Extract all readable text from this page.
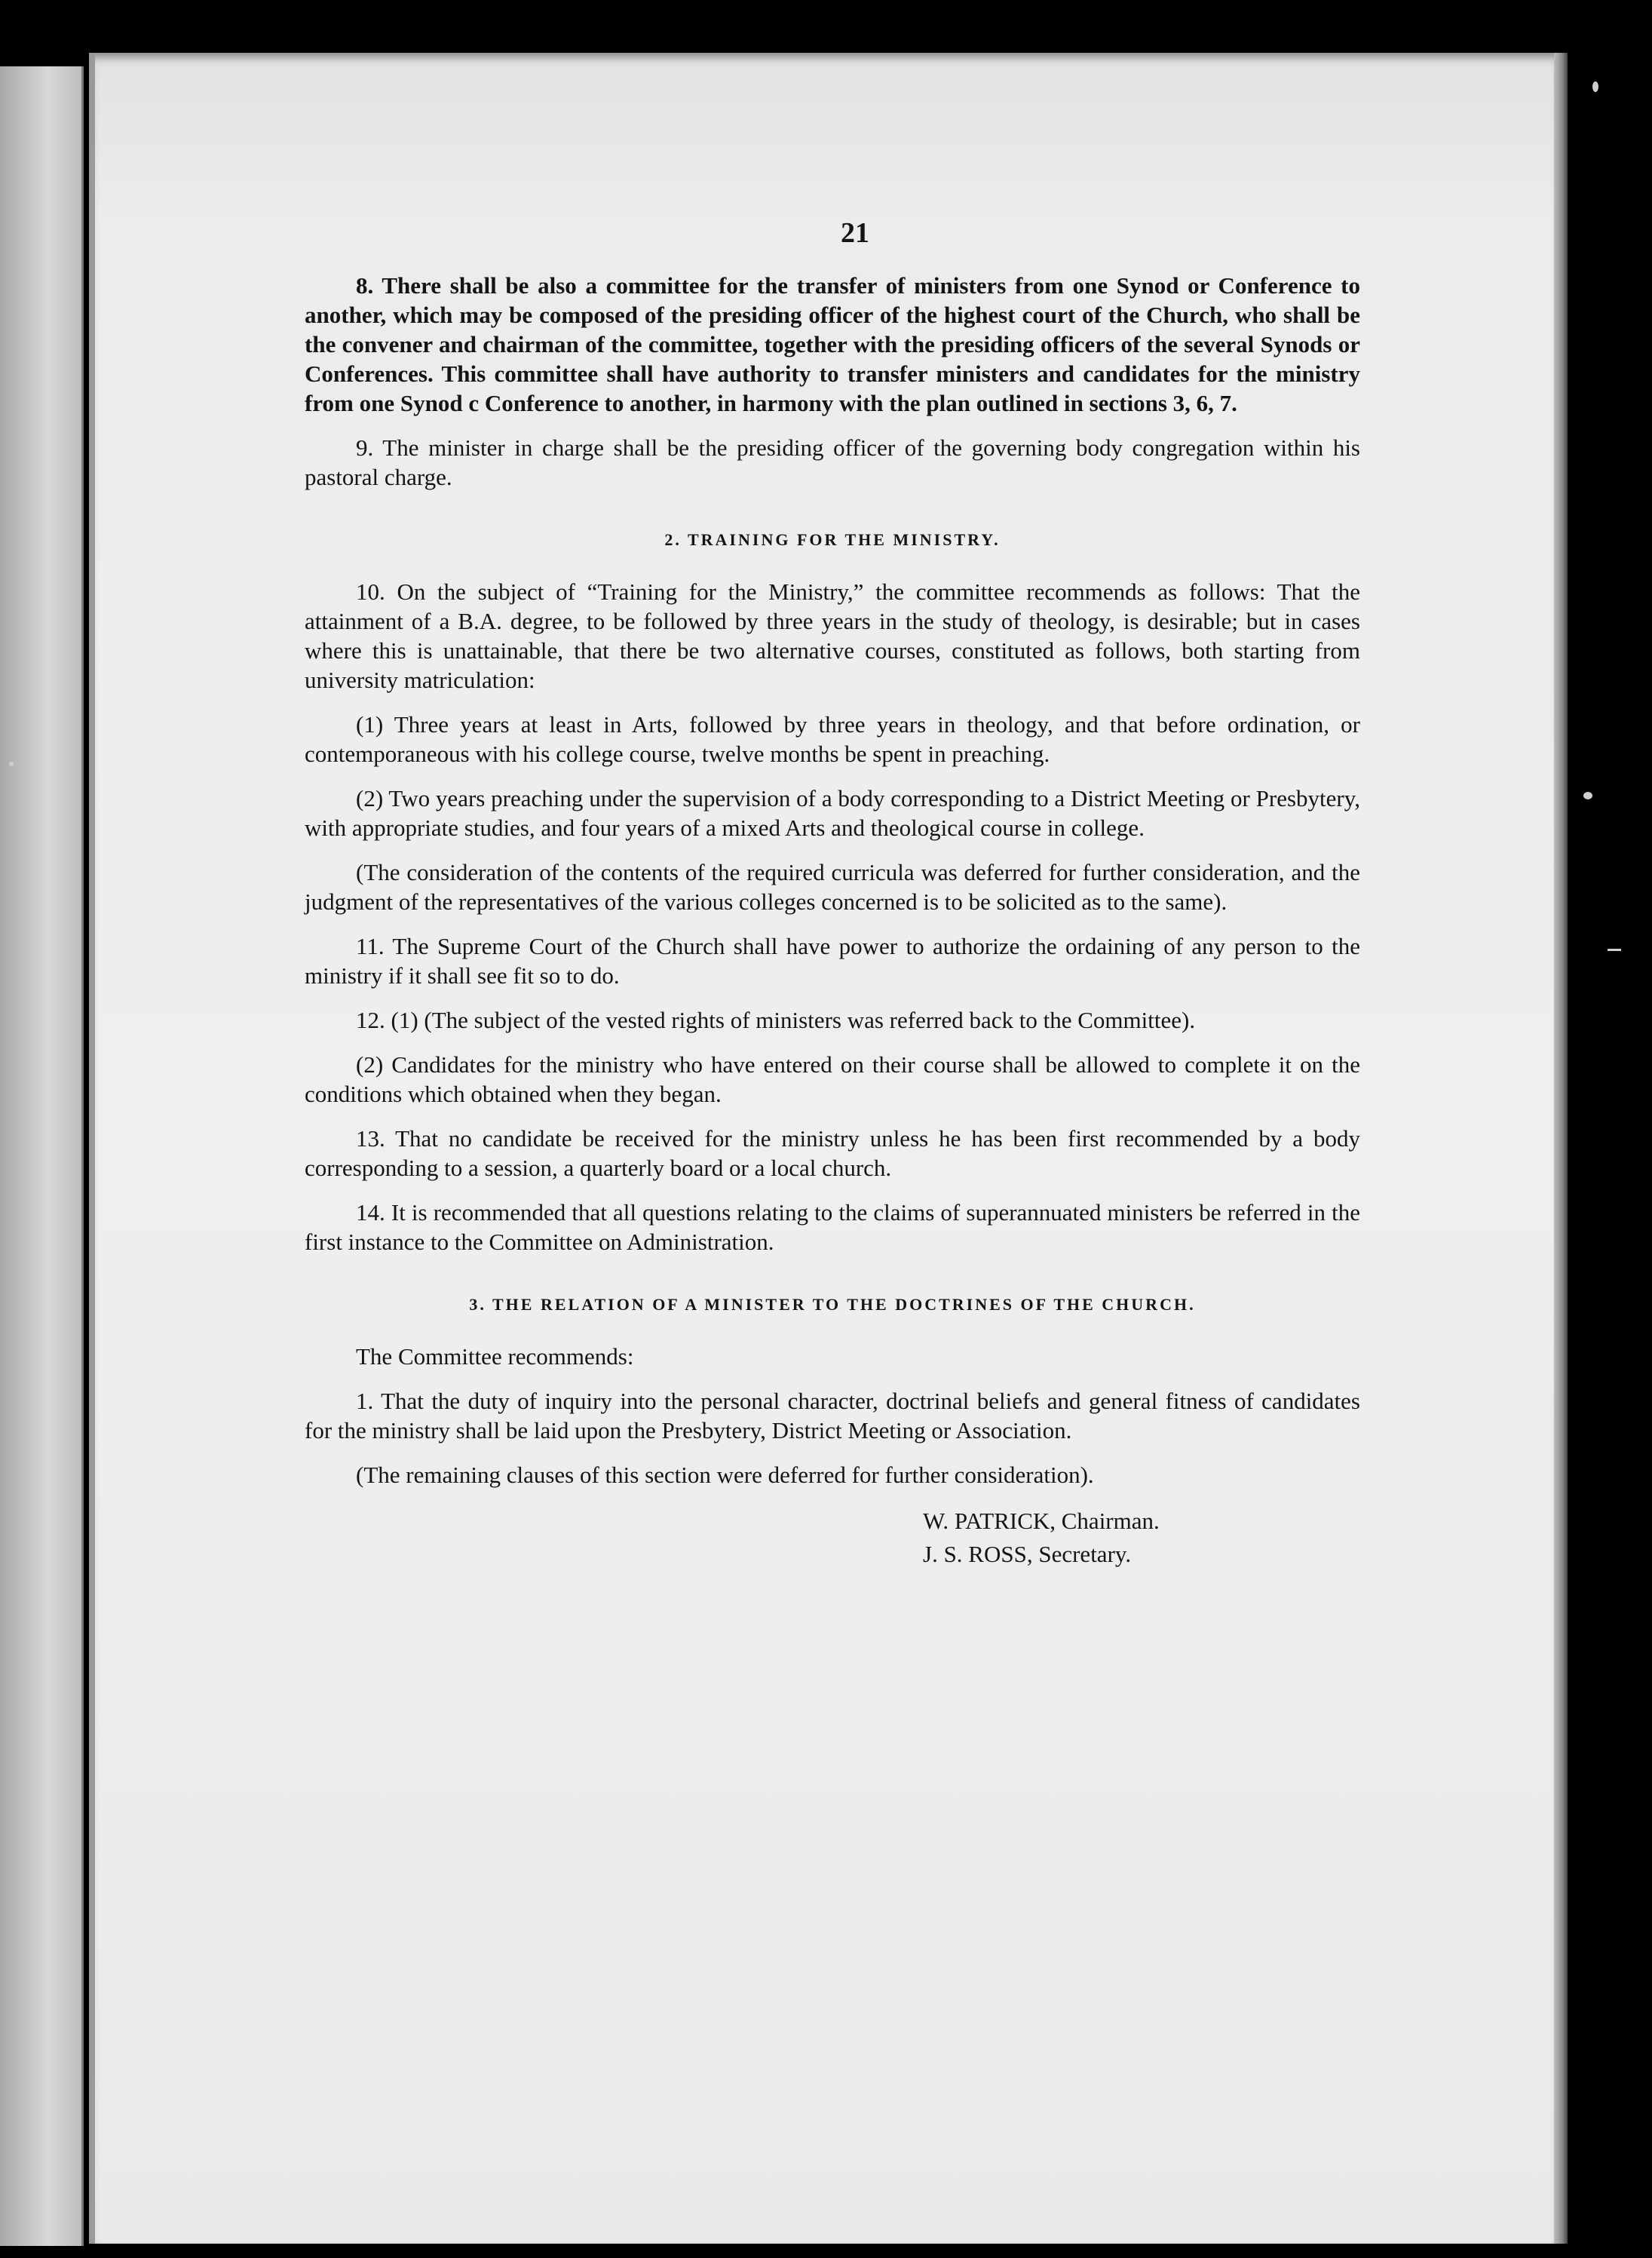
21

8. There shall be also a committee for the transfer of ministers from one Synod or Conference to another, which may be composed of the presiding officer of the highest court of the Church, who shall be the convener and chairman of the committee, together with the presiding officers of the several Synods or Conferences. This committee shall have authority to transfer ministers and candidates for the ministry from one Synod c Conference to another, in harmony with the plan outlined in sections 3, 6, 7.

9. The minister in charge shall be the presiding officer of the governing body congregation within his pastoral charge.

2. TRAINING FOR THE MINISTRY.

10. On the subject of “Training for the Ministry,” the committee recommends as follows: That the attainment of a B.A. degree, to be followed by three years in the study of theology, is desirable; but in cases where this is unattainable, that there be two alternative courses, constituted as follows, both starting from university matriculation:

(1) Three years at least in Arts, followed by three years in theology, and that before ordination, or contemporaneous with his college course, twelve months be spent in preaching.

(2) Two years preaching under the supervision of a body corresponding to a District Meeting or Presbytery, with appropriate studies, and four years of a mixed Arts and theological course in college.

(The consideration of the contents of the required curricula was deferred for further consideration, and the judgment of the representatives of the various colleges concerned is to be solicited as to the same).

11. The Supreme Court of the Church shall have power to authorize the ordaining of any person to the ministry if it shall see fit so to do.

12. (1) (The subject of the vested rights of ministers was referred back to the Committee).

(2) Candidates for the ministry who have entered on their course shall be allowed to complete it on the conditions which obtained when they began.

13. That no candidate be received for the ministry unless he has been first recommended by a body corresponding to a session, a quarterly board or a local church.

14. It is recommended that all questions relating to the claims of superannuated ministers be referred in the first instance to the Committee on Administration.

3. THE RELATION OF A MINISTER TO THE DOCTRINES OF THE CHURCH.

The Committee recommends:

1. That the duty of inquiry into the personal character, doctrinal beliefs and general fitness of candidates for the ministry shall be laid upon the Presbytery, District Meeting or Association.

(The remaining clauses of this section were deferred for further consideration).

W. PATRICK, Chairman.
J. S. ROSS, Secretary.
